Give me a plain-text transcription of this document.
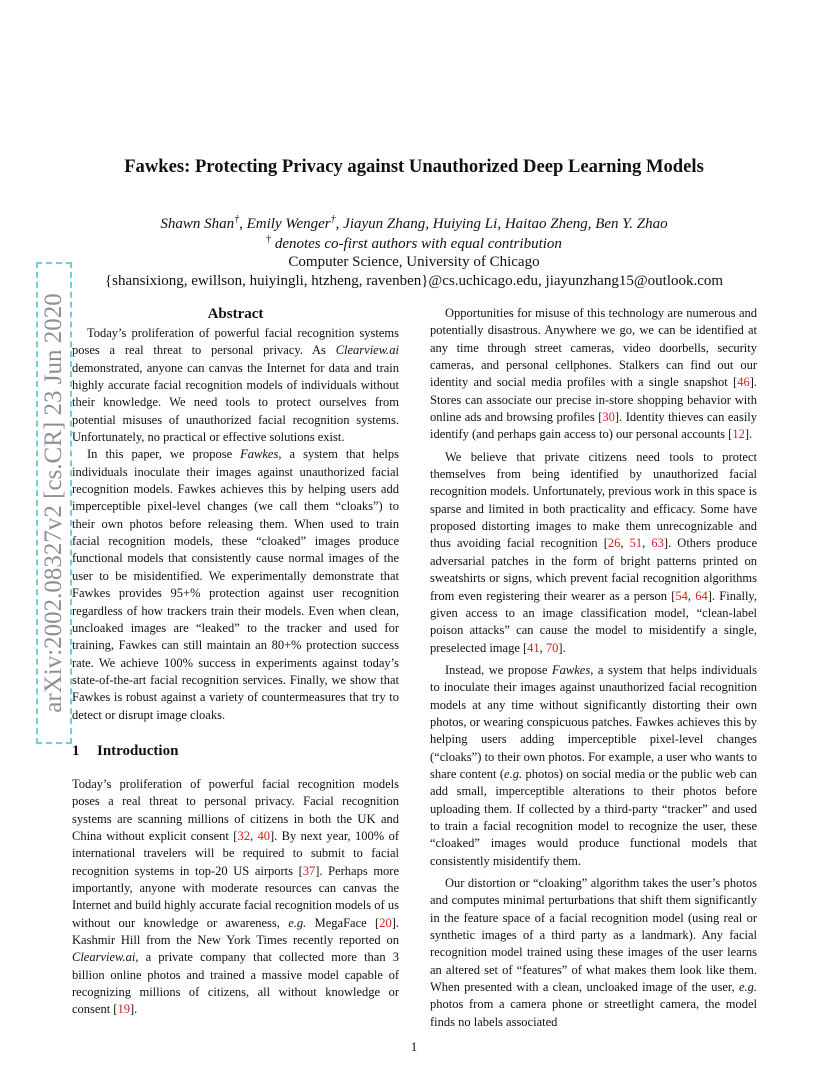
arXiv:2002.08327v2 [cs.CR] 23 Jun 2020
Fawkes: Protecting Privacy against Unauthorized Deep Learning Models
Shawn Shan†, Emily Wenger†, Jiayun Zhang, Huiying Li, Haitao Zheng, Ben Y. Zhao
† denotes co-first authors with equal contribution
Computer Science, University of Chicago
{shansixiong, ewillson, huiyingli, htzheng, ravenben}@cs.uchicago.edu, jiayunzhang15@outlook.com
Abstract

Today’s proliferation of powerful facial recognition systems poses a real threat to personal privacy. As Clearview.ai demonstrated, anyone can canvas the Internet for data and train highly accurate facial recognition models of individuals without their knowledge. We need tools to protect ourselves from potential misuses of unauthorized facial recognition systems. Unfortunately, no practical or effective solutions exist.

In this paper, we propose Fawkes, a system that helps individuals inoculate their images against unauthorized facial recognition models. Fawkes achieves this by helping users add imperceptible pixel-level changes (we call them “cloaks”) to their own photos before releasing them. When used to train facial recognition models, these “cloaked” images produce functional models that consistently cause normal images of the user to be misidentified. We experimentally demonstrate that Fawkes provides 95+% protection against user recognition regardless of how trackers train their models. Even when clean, uncloaked images are “leaked” to the tracker and used for training, Fawkes can still maintain an 80+% protection success rate. We achieve 100% success in experiments against today’s state-of-the-art facial recognition services. Finally, we show that Fawkes is robust against a variety of countermeasures that try to detect or disrupt image cloaks.

1 Introduction

Today’s proliferation of powerful facial recognition models poses a real threat to personal privacy. Facial recognition systems are scanning millions of citizens in both the UK and China without explicit consent [32, 40]. By next year, 100% of international travelers will be required to submit to facial recognition systems in top-20 US airports [37]. Perhaps more importantly, anyone with moderate resources can canvas the Internet and build highly accurate facial recognition models of us without our knowledge or awareness, e.g. MegaFace [20]. Kashmir Hill from the New York Times recently reported on Clearview.ai, a private company that collected more than 3 billion online photos and trained a massive model capable of recognizing millions of citizens, all without knowledge or consent [19].

Opportunities for misuse of this technology are numerous and potentially disastrous. Anywhere we go, we can be identified at any time through street cameras, video doorbells, security cameras, and personal cellphones. Stalkers can find out our identity and social media profiles with a single snapshot [46]. Stores can associate our precise in-store shopping behavior with online ads and browsing profiles [30]. Identity thieves can easily identify (and perhaps gain access to) our personal accounts [12].

We believe that private citizens need tools to protect themselves from being identified by unauthorized facial recognition models. Unfortunately, previous work in this space is sparse and limited in both practicality and efficacy. Some have proposed distorting images to make them unrecognizable and thus avoiding facial recognition [26, 51, 63]. Others produce adversarial patches in the form of bright patterns printed on sweatshirts or signs, which prevent facial recognition algorithms from even registering their wearer as a person [54, 64]. Finally, given access to an image classification model, “clean-label poison attacks” can cause the model to misidentify a single, preselected image [41, 70].

Instead, we propose Fawkes, a system that helps individuals to inoculate their images against unauthorized facial recognition models at any time without significantly distorting their own photos, or wearing conspicuous patches. Fawkes achieves this by helping users adding imperceptible pixel-level changes (“cloaks”) to their own photos. For example, a user who wants to share content (e.g. photos) on social media or the public web can add small, imperceptible alterations to their photos before uploading them. If collected by a third-party “tracker” and used to train a facial recognition model to recognize the user, these “cloaked” images would produce functional models that consistently misidentify them.

Our distortion or “cloaking” algorithm takes the user’s photos and computes minimal perturbations that shift them significantly in the feature space of a facial recognition model (using real or synthetic images of a third party as a landmark). Any facial recognition model trained using these images of the user learns an altered set of “features” of what makes them look like them. When presented with a clean, uncloaked image of the user, e.g. photos from a camera phone or streetlight camera, the model finds no labels associated

1
